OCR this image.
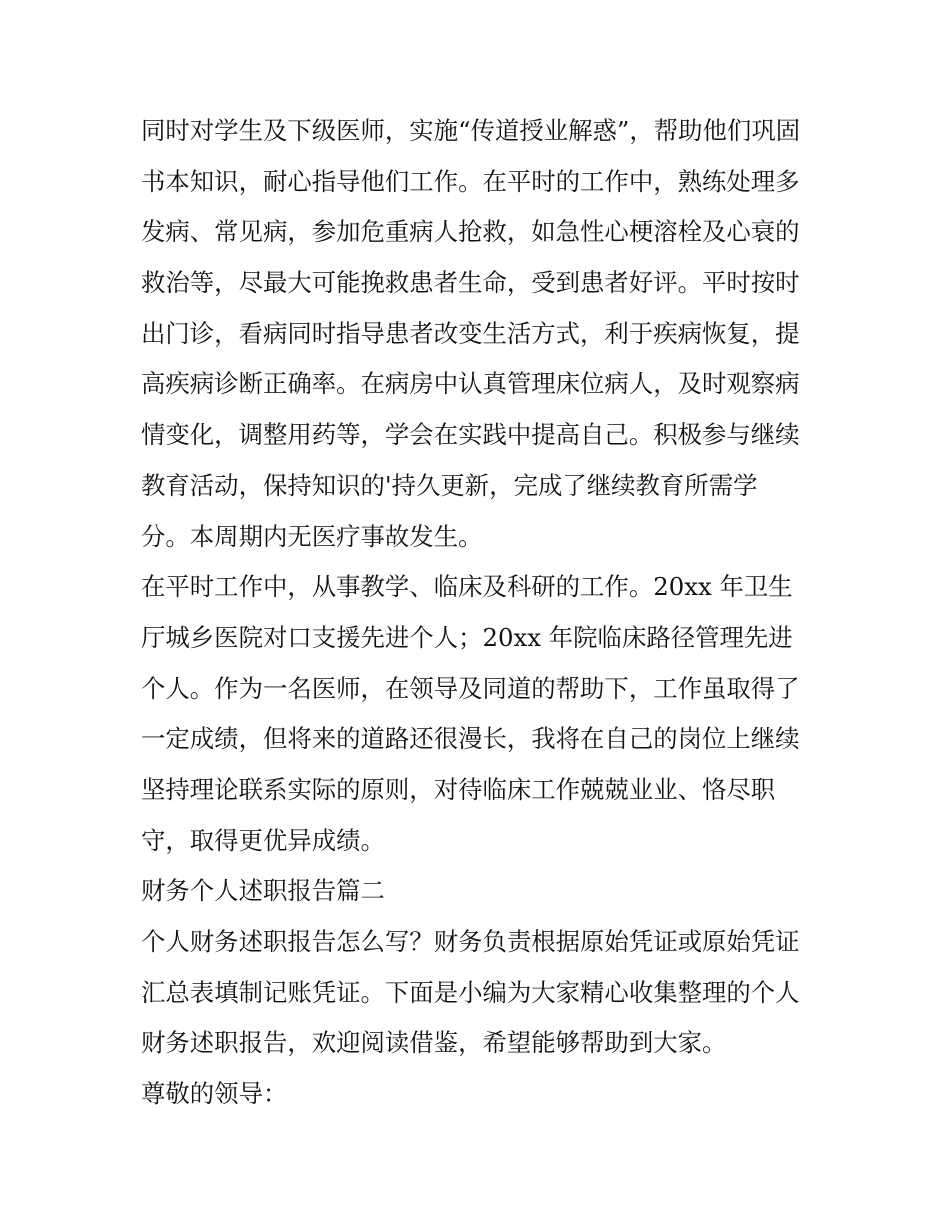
同时对学生及下级医师，实施“传道授业解惑”，帮助他们巩固
书本知识，耐心指导他们工作。在平时的工作中，熟练处理多
发病、常见病，参加危重病人抢救，如急性心梗溶栓及心衰的
救治等，尽最大可能挽救患者生命，受到患者好评。平时按时
出门诊，看病同时指导患者改变生活方式，利于疾病恢复，提
高疾病诊断正确率。在病房中认真管理床位病人，及时观察病
情变化，调整用药等，学会在实践中提高自己。积极参与继续
教育活动，保持知识的'持久更新，完成了继续教育所需学
分。本周期内无医疗事故发生。
在平时工作中，从事教学、临床及科研的工作。20xx 年卫生
厅城乡医院对口支援先进个人；20xx 年院临床路径管理先进
个人。作为一名医师，在领导及同道的帮助下，工作虽取得了
一定成绩，但将来的道路还很漫长，我将在自己的岗位上继续
坚持理论联系实际的原则，对待临床工作兢兢业业、恪尽职
守，取得更优异成绩。
财务个人述职报告篇二
个人财务述职报告怎么写？财务负责根据原始凭证或原始凭证
汇总表填制记账凭证。下面是小编为大家精心收集整理的个人
财务述职报告，欢迎阅读借鉴，希望能够帮助到大家。
尊敬的领导：
